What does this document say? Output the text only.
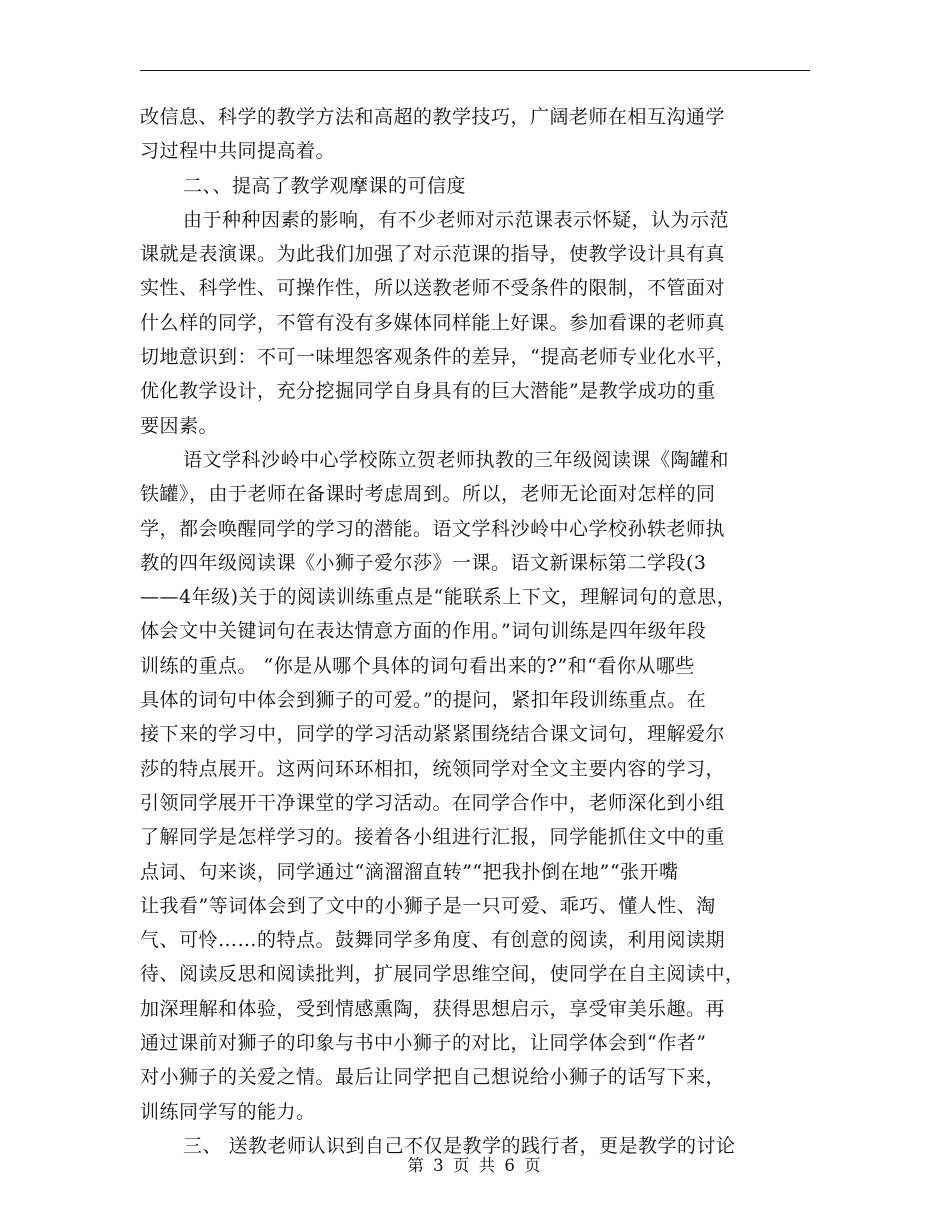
改信息、科学的教学方法和高超的教学技巧，广阔老师在相互沟通学
习过程中共同提高着。
二、、提高了教学观摩课的可信度
由于种种因素的影响，有不少老师对示范课表示怀疑，认为示范
课就是表演课。为此我们加强了对示范课的指导，使教学设计具有真
实性、科学性、可操作性，所以送教老师不受条件的限制，不管面对
什么样的同学，不管有没有多媒体同样能上好课。参加看课的老师真
切地意识到：不可一味埋怨客观条件的差异，“提高老师专业化水平，
优化教学设计，充分挖掘同学自身具有的巨大潜能”是教学成功的重
要因素。
语文学科沙岭中心学校陈立贺老师执教的三年级阅读课《陶罐和
铁罐》，由于老师在备课时考虑周到。所以，老师无论面对怎样的同
学，都会唤醒同学的学习的潜能。语文学科沙岭中心学校孙轶老师执
教的四年级阅读课《小狮子爱尔莎》一课。语文新课标第二学段(3
——4年级)关于的阅读训练重点是“能联系上下文，理解词句的意思，
体会文中关键词句在表达情意方面的作用。”词句训练是四年级年段
训练的重点。 “你是从哪个具体的词句看出来的?”和“看你从哪些
具体的词句中体会到狮子的可爱。”的提问，紧扣年段训练重点。在
接下来的学习中，同学的学习活动紧紧围绕结合课文词句，理解爱尔
莎的特点展开。这两问环环相扣，统领同学对全文主要内容的学习，
引领同学展开干净课堂的学习活动。在同学合作中，老师深化到小组
了解同学是怎样学习的。接着各小组进行汇报，同学能抓住文中的重
点词、句来谈，同学通过“滴溜溜直转”“把我扑倒在地”“张开嘴
让我看”等词体会到了文中的小狮子是一只可爱、乖巧、懂人性、淘
气、可怜……的特点。鼓舞同学多角度、有创意的阅读，利用阅读期
待、阅读反思和阅读批判，扩展同学思维空间，使同学在自主阅读中，
加深理解和体验，受到情感熏陶，获得思想启示，享受审美乐趣。再
通过课前对狮子的印象与书中小狮子的对比，让同学体会到“作者”
对小狮子的关爱之情。最后让同学把自己想说给小狮子的话写下来，
训练同学写的能力。
三、 送教老师认识到自己不仅是教学的践行者，更是教学的讨论
第 3 页 共 6 页
